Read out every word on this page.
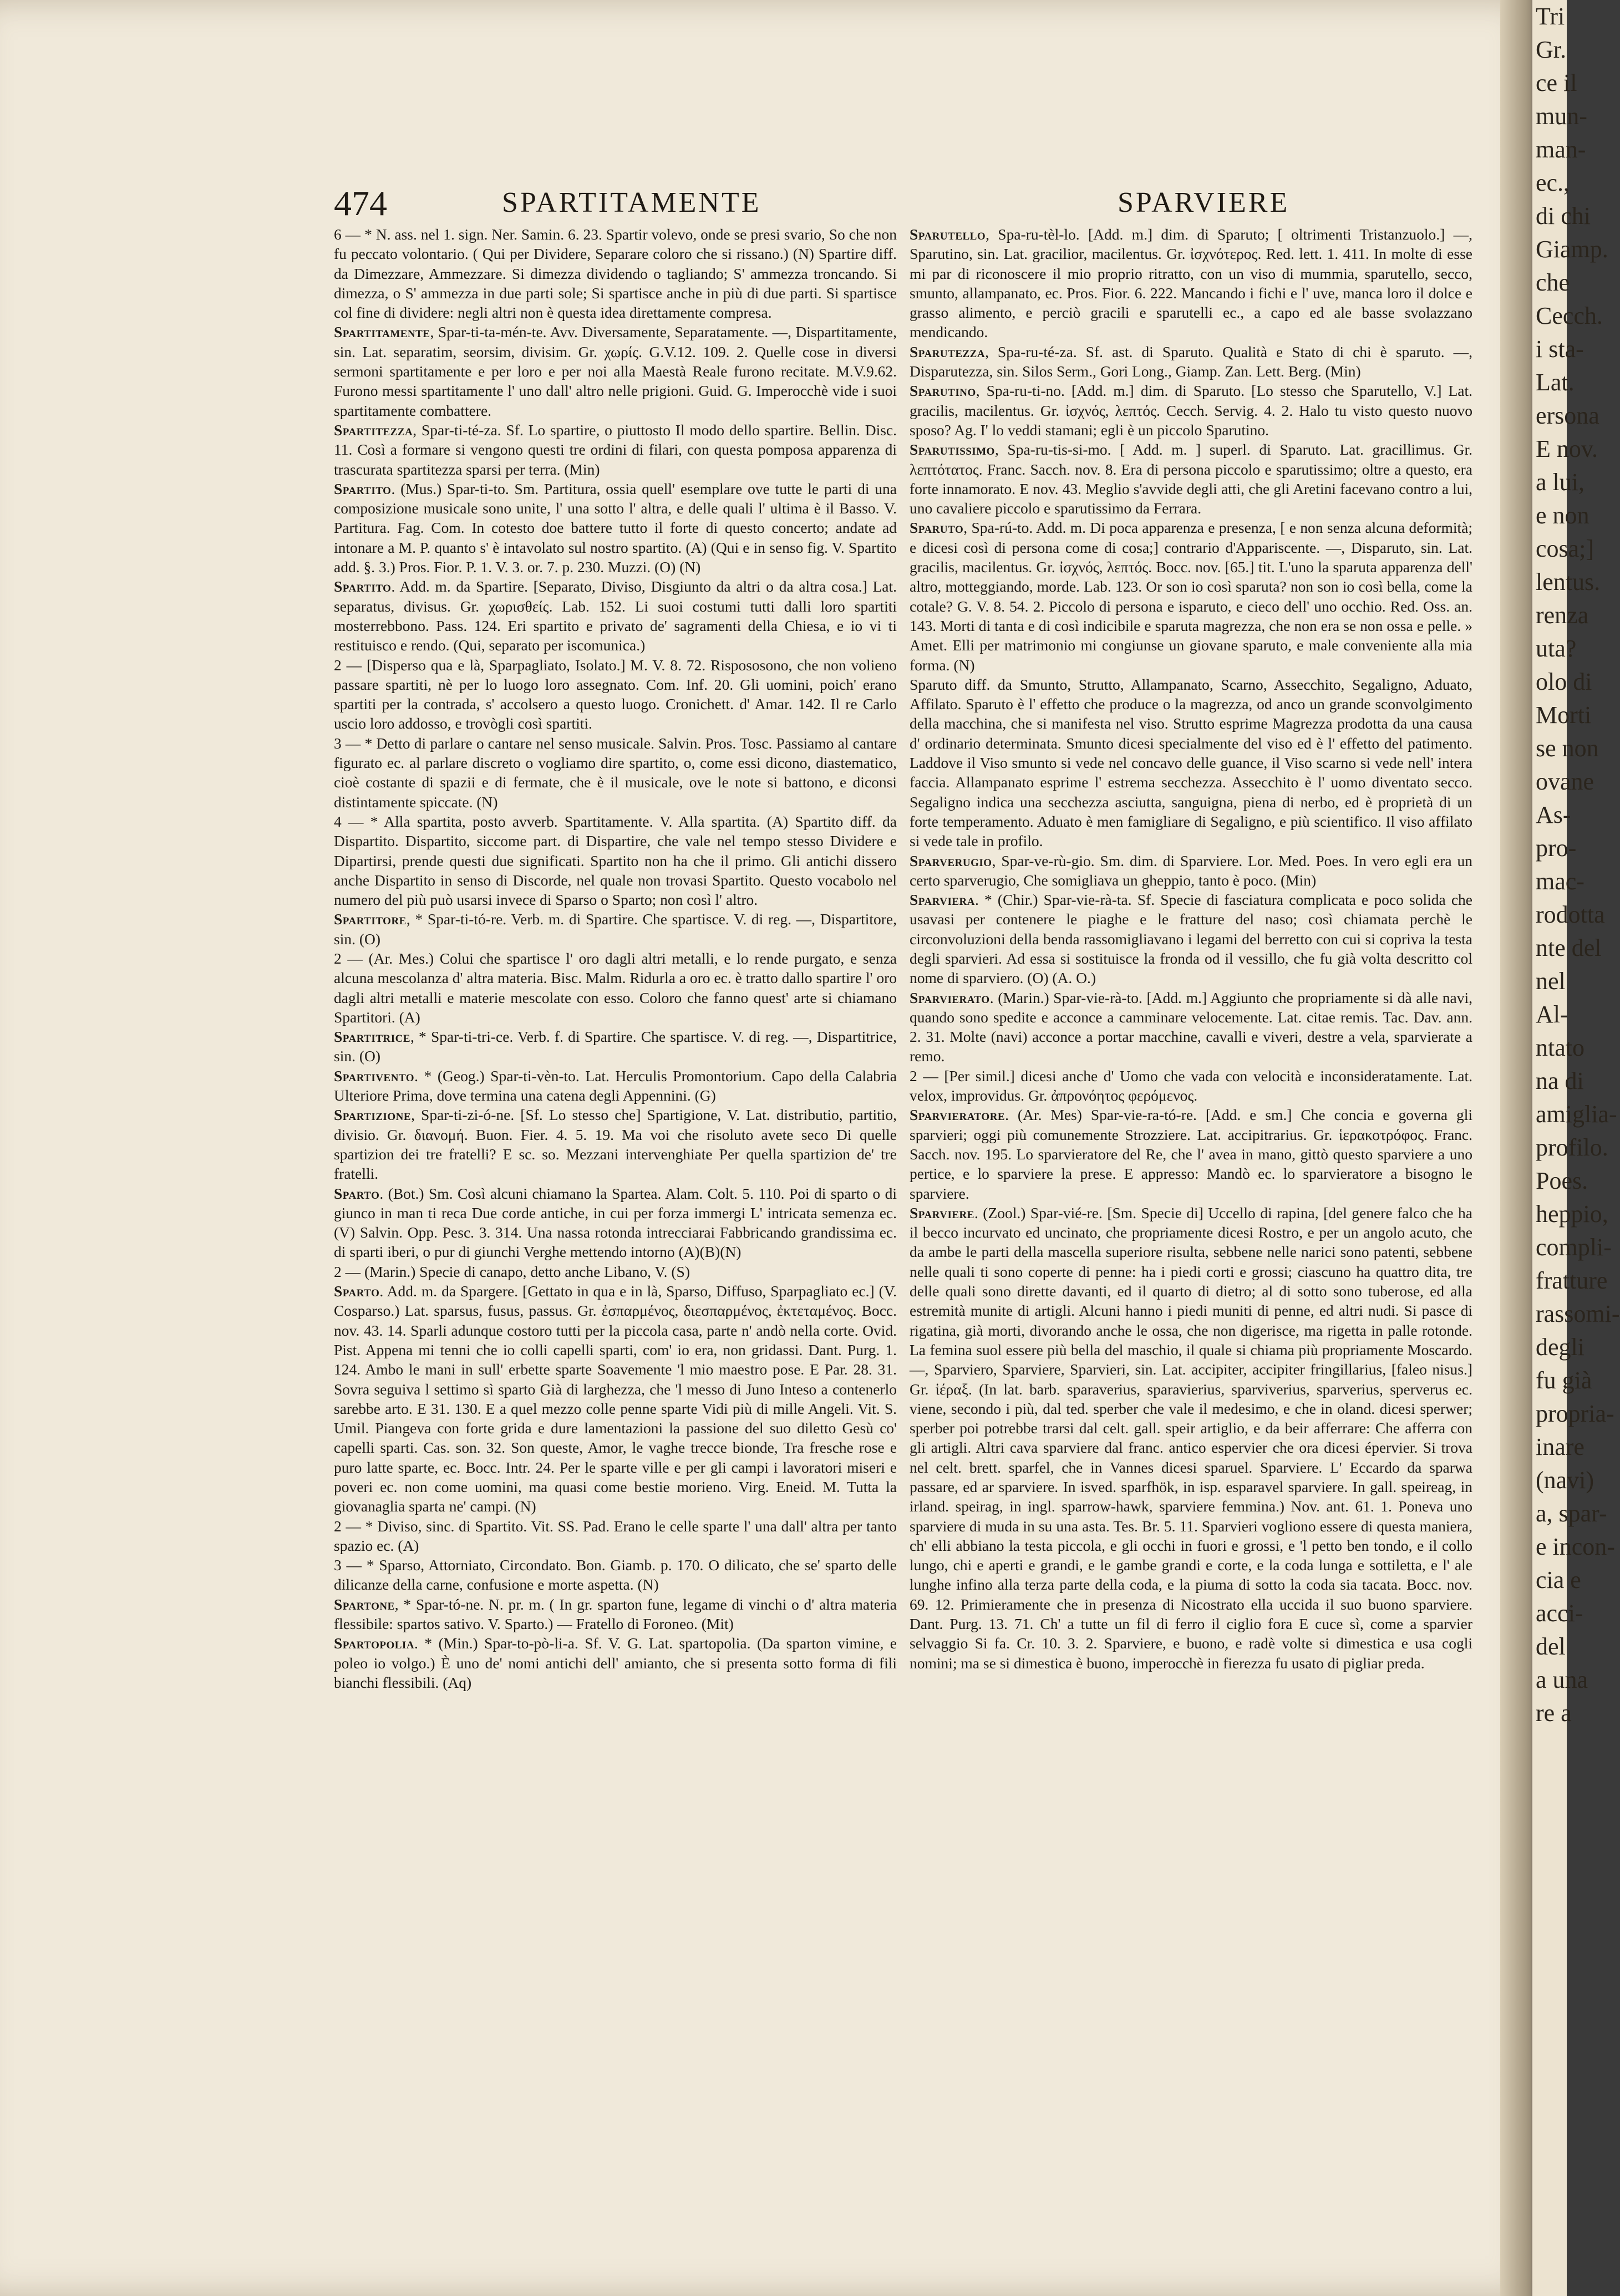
474	SPARTITAMENTE	SPARVIERE

6 — * N. ass. nel 1. sign. Ner. Samin. 6. 23. Spartir volevo, onde se presi svario, So che non fu peccato volontario. ( Qui per Dividere, Separare coloro che si rissano.) (N) Spartire diff. da Dimezzare, Ammezzare. Si dimezza dividendo o tagliando; S' ammezza troncando. Si dimezza, o S' ammezza in due parti sole; Si spartisce anche in più di due parti. Si spartisce col fine di dividere: negli altri non è questa idea direttamente compresa.

Spartitamente, Spar-ti-ta-mén-te. Avv. Diversamente, Separatamente. —, Dispartitamente, sin. Lat. separatim, seorsim, divisim. Gr. χωρίς. G.V.12. 109. 2. Quelle cose in diversi sermoni spartitamente e per loro e per noi alla Maestà Reale furono recitate. M.V.9.62. Furono messi spartitamente l' uno dall' altro nelle prigioni. Guid. G. Imperocchè vide i suoi spartitamente combattere.

Spartitezza, Spar-ti-té-za. Sf. Lo spartire, o piuttosto Il modo dello spartire. Bellin. Disc. 11. Così a formare si vengono questi tre ordini di filari, con questa pomposa apparenza di trascurata spartitezza sparsi per terra. (Min)

Spartito. (Mus.) Spar-ti-to. Sm. Partitura, ossia quell' esemplare ove tutte le parti di una composizione musicale sono unite, l' una sotto l' altra, e delle quali l' ultima è il Basso. V. Partitura. Fag. Com. In cotesto doe battere tutto il forte di questo concerto; andate ad intonare a M. P. quanto s' è intavolato sul nostro spartito. (A) (Qui e in senso fig. V. Spartito add. §. 3.) Pros. Fior. P. 1. V. 3. or. 7. p. 230. Muzzi. (O) (N)

Spartito. Add. m. da Spartire. [Separato, Diviso, Disgiunto da altri o da altra cosa.] Lat. separatus, divisus. Gr. χωρισθείς. Lab. 152. Li suoi costumi tutti dalli loro spartiti mosterrebbono. Pass. 124. Eri spartito e privato de' sagramenti della Chiesa, e io vi ti restituisco e rendo. (Qui, separato per iscomunica.)

2 — [Disperso qua e là, Sparpagliato, Isolato.] M. V. 8. 72. Rispososono, che non volieno passare spartiti, nè per lo luogo loro assegnato. Com. Inf. 20. Gli uomini, poich' erano spartiti per la contrada, s' accolsero a questo luogo. Cronichett. d' Amar. 142. Il re Carlo uscio loro addosso, e trovògli così spartiti.

3 — * Detto di parlare o cantare nel senso musicale. Salvin. Pros. Tosc. Passiamo al cantare figurato ec. al parlare discreto o vogliamo dire spartito, o, come essi dicono, diastematico, cioè costante di spazii e di fermate, che è il musicale, ove le note si battono, e diconsi distintamente spiccate. (N)

4 — * Alla spartita, posto avverb. Spartitamente. V. Alla spartita. (A) Spartito diff. da Dispartito. Dispartito, siccome part. di Dispartire, che vale nel tempo stesso Dividere e Dipartirsi, prende questi due significati. Spartito non ha che il primo. Gli antichi dissero anche Dispartito in senso di Discorde, nel quale non trovasi Spartito. Questo vocabolo nel numero del più può usarsi invece di Sparso o Sparto; non così l' altro.

Spartitore, * Spar-ti-tó-re. Verb. m. di Spartire. Che spartisce. V. di reg. —, Dispartitore, sin. (O)

2 — (Ar. Mes.) Colui che spartisce l' oro dagli altri metalli, e lo rende purgato, e senza alcuna mescolanza d' altra materia. Bisc. Malm. Ridurla a oro ec. è tratto dallo spartire l' oro dagli altri metalli e materie mescolate con esso. Coloro che fanno quest' arte si chiamano Spartitori. (A)

Spartitrice, * Spar-ti-tri-ce. Verb. f. di Spartire. Che spartisce. V. di reg. —, Dispartitrice, sin. (O)

Spartivento. * (Geog.) Spar-ti-vèn-to. Lat. Herculis Promontorium. Capo della Calabria Ulteriore Prima, dove termina una catena degli Appennini. (G)

Spartizione, Spar-ti-zi-ó-ne. [Sf. Lo stesso che] Spartigione, V. Lat. distributio, partitio, divisio. Gr. διανομή. Buon. Fier. 4. 5. 19. Ma voi che risoluto avete seco Di quelle spartizion dei tre fratelli? E sc. so. Mezzani intervenghiate Per quella spartizion de' tre fratelli.

Sparto. (Bot.) Sm. Così alcuni chiamano la Spartea. Alam. Colt. 5. 110. Poi di sparto o di giunco in man ti reca Due corde antiche, in cui per forza immergi L' intricata semenza ec. (V) Salvin. Opp. Pesc. 3. 314. Una nassa rotonda intrecciarai Fabbricando grandissima ec. di sparti iberi, o pur di giunchi Verghe mettendo intorno (A)(B)(N)

2 — (Marin.) Specie di canapo, detto anche Libano, V. (S)

Sparto. Add. m. da Spargere. [Gettato in qua e in là, Sparso, Diffuso, Sparpagliato ec.] (V. Cosparso.) Lat. sparsus, fusus, passus. Gr. ἐσπαρμένος, διεσπαρμένος, ἐκτεταμένος. Bocc. nov. 43. 14. Sparli adunque costoro tutti per la piccola casa, parte n' andò nella corte. Ovid. Pist. Appena mi tenni che io colli capelli sparti, com' io era, non gridassi. Dant. Purg. 1. 124. Ambo le mani in sull' erbette sparte Soavemente 'l mio maestro pose. E Par. 28. 31. Sovra seguiva l settimo sì sparto Già di larghezza, che 'l messo di Juno Inteso a contenerlo sarebbe arto. E 31. 130. E a quel mezzo colle penne sparte Vidi più di mille Angeli. Vit. S. Umil. Piangeva con forte grida e dure lamentazioni la passione del suo diletto Gesù co' capelli sparti. Cas. son. 32. Son queste, Amor, le vaghe trecce bionde, Tra fresche rose e puro latte sparte, ec. Bocc. Intr. 24. Per le sparte ville e per gli campi i lavoratori miseri e poveri ec. non come uomini, ma quasi come bestie morieno. Virg. Eneid. M. Tutta la giovanaglia sparta ne' campi. (N)

2 — * Diviso, sinc. di Spartito. Vit. SS. Pad. Erano le celle sparte l' una dall' altra per tanto spazio ec. (A)

3 — * Sparso, Attorniato, Circondato. Bon. Giamb. p. 170. O dilicato, che se' sparto delle dilicanze della carne, confusione e morte aspetta. (N)

Spartone, * Spar-tó-ne. N. pr. m. ( In gr. sparton fune, legame di vinchi o d' altra materia flessibile: spartos sativo. V. Sparto.) — Fratello di Foroneo. (Mit)

Spartopolia. * (Min.) Spar-to-pò-li-a. Sf. V. G. Lat. spartopolia. (Da sparton vimine, e poleo io volgo.) È uno de' nomi antichi dell' amianto, che si presenta sotto forma di fili bianchi flessibili. (Aq)

Sparutello, Spa-ru-tèl-lo. [Add. m.] dim. di Sparuto; [ oltrimenti Tristanzuolo.] —, Sparutino, sin. Lat. gracilior, macilentus. Gr. ἰσχνότερος. Red. lett. 1. 411. In molte di esse mi par di riconoscere il mio proprio ritratto, con un viso di mummia, sparutello, secco, smunto, allampanato, ec. Pros. Fior. 6. 222. Mancando i fichi e l' uve, manca loro il dolce e grasso alimento, e perciò gracili e sparutelli ec., a capo ed ale basse svolazzano mendicando.

Sparutezza, Spa-ru-té-za. Sf. ast. di Sparuto. Qualità e Stato di chi è sparuto. —, Disparutezza, sin. Silos Serm., Gori Long., Giamp. Zan. Lett. Berg. (Min)

Sparutino, Spa-ru-ti-no. [Add. m.] dim. di Sparuto. [Lo stesso che Sparutello, V.] Lat. gracilis, macilentus. Gr. ἰσχνός, λεπτός. Cecch. Servig. 4. 2. Halo tu visto questo nuovo sposo? Ag. I' lo veddi stamani; egli è un piccolo Sparutino.

Sparutissimo, Spa-ru-tis-si-mo. [ Add. m. ] superl. di Sparuto. Lat. gracillimus. Gr. λεπτότατος. Franc. Sacch. nov. 8. Era di persona piccolo e sparutissimo; oltre a questo, era forte innamorato. E nov. 43. Meglio s'avvide degli atti, che gli Aretini facevano contro a lui, uno cavaliere piccolo e sparutissimo da Ferrara.

Sparuto, Spa-rú-to. Add. m. Di poca apparenza e presenza, [ e non senza alcuna deformità; e dicesi così di persona come di cosa;] contrario d'Appariscente. —, Disparuto, sin. Lat. gracilis, macilentus. Gr. ἰσχνός, λεπτός. Bocc. nov. [65.] tit. L'uno la sparuta apparenza dell' altro, motteggiando, morde. Lab. 123. Or son io così sparuta? non son io così bella, come la cotale? G. V. 8. 54. 2. Piccolo di persona e isparuto, e cieco dell' uno occhio. Red. Oss. an. 143. Morti di tanta e di così indicibile e sparuta magrezza, che non era se non ossa e pelle. » Amet. Elli per matrimonio mi congiunse un giovane sparuto, e male conveniente alla mia forma. (N)

Sparuto diff. da Smunto, Strutto, Allampanato, Scarno, Assecchito, Segaligno, Aduato, Affilato. Sparuto è l' effetto che produce o la magrezza, od anco un grande sconvolgimento della macchina, che si manifesta nel viso. Strutto esprime Magrezza prodotta da una causa d' ordinario determinata. Smunto dicesi specialmente del viso ed è l' effetto del patimento. Laddove il Viso smunto si vede nel concavo delle guance, il Viso scarno si vede nell' intera faccia. Allampanato esprime l' estrema secchezza. Assecchito è l' uomo diventato secco. Segaligno indica una secchezza asciutta, sanguigna, piena di nerbo, ed è proprietà di un forte temperamento. Aduato è men famigliare di Segaligno, e più scientifico. Il viso affilato si vede tale in profilo.

Sparverugio, Spar-ve-rù-gio. Sm. dim. di Sparviere. Lor. Med. Poes. In vero egli era un certo sparverugio, Che somigliava un gheppio, tanto è poco. (Min)

Sparviera. * (Chir.) Spar-vie-rà-ta. Sf. Specie di fasciatura complicata e poco solida che usavasi per contenere le piaghe e le fratture del naso; così chiamata perchè le circonvoluzioni della benda rassomigliavano i legami del berretto con cui si copriva la testa degli sparvieri. Ad essa si sostituisce la fronda od il vessillo, che fu già volta descritto col nome di sparviero. (O) (A. O.)

Sparvierato. (Marin.) Spar-vie-rà-to. [Add. m.] Aggiunto che propriamente si dà alle navi, quando sono spedite e acconce a camminare velocemente. Lat. citae remis. Tac. Dav. ann. 2. 31. Molte (navi) acconce a portar macchine, cavalli e viveri, destre a vela, sparvierate a remo.

2 — [Per simil.] dicesi anche d' Uomo che vada con velocità e inconsideratamente. Lat. velox, improvidus. Gr. ἀπρονόητος φερόμενος.

Sparvieratore. (Ar. Mes) Spar-vie-ra-tó-re. [Add. e sm.] Che concia e governa gli sparvieri; oggi più comunemente Strozziere. Lat. accipitrarius. Gr. ἱερακοτρόφος. Franc. Sacch. nov. 195. Lo sparvieratore del Re, che l' avea in mano, gittò questo sparviere a uno pertice, e lo sparviere la prese. E appresso: Mandò ec. lo sparvieratore a bisogno le sparviere.

Sparviere. (Zool.) Spar-vié-re. [Sm. Specie di] Uccello di rapina, [del genere falco che ha il becco incurvato ed uncinato, che propriamente dicesi Rostro, e per un angolo acuto, che da ambe le parti della mascella superiore risulta, sebbene nelle narici sono patenti, sebbene nelle quali ti sono coperte di penne: ha i piedi corti e grossi; ciascuno ha quattro dita, tre delle quali sono dirette davanti, ed il quarto di dietro; al di sotto sono tuberose, ed alla estremità munite di artigli. Alcuni hanno i piedi muniti di penne, ed altri nudi. Si pasce di rigatina, già morti, divorando anche le ossa, che non digerisce, ma rigetta in palle rotonde. La femina suol essere più bella del maschio, il quale si chiama più propriamente Moscardo. —, Sparviero, Sparviere, Sparvieri, sin. Lat. accipiter, accipiter fringillarius, [faleo nisus.] Gr. ἱέραξ. (In lat. barb. sparaverius, sparavierius, sparviverius, sparverius, sperverus ec. viene, secondo i più, dal ted. sperber che vale il medesimo, e che in oland. dicesi sperwer; sperber poi potrebbe trarsi dal celt. gall. speir artiglio, e da beir afferrare: Che afferra con gli artigli. Altri cava sparviere dal franc. antico espervier che ora dicesi épervier. Si trova nel celt. brett. sparfel, che in Vannes dicesi sparuel. Sparviere. L' Eccardo da sparwa passare, ed ar sparviere. In isved. sparfhök, in isp. esparavel sparviere. In gall. speireag, in irland. speirag, in ingl. sparrow-hawk, sparviere femmina.) Nov. ant. 61. 1. Poneva uno sparviere di muda in su una asta. Tes. Br. 5. 11. Sparvieri vogliono essere di questa maniera, ch' elli abbiano la testa piccola, e gli occhi in fuori e grossi, e 'l petto ben tondo, e il collo lungo, chi e aperti e grandi, e le gambe grandi e corte, e la coda lunga e sottiletta, e l' ale lunghe infino alla terza parte della coda, e la piuma di sotto la coda sia tacata. Bocc. nov. 69. 12. Primieramente che in presenza di Nicostrato ella uccida il suo buono sparviere. Dant. Purg. 13. 71. Ch' a tutte un fil di ferro il ciglio fora E cuce sì, come a sparvier selvaggio Si fa. Cr. 10. 3. 2. Sparviere, e buono, e radè volte si dimestica e usa cogli nomini; ma se si dimestica è buono, imperocchè in fierezza fu usato di pigliar preda.

Tri
Gr.
ce il
mun-
man-
ec.,
di chi
Giamp.
che
Cecch.
i sta-
Lat.
ersona
E nov.
a lui,
e non
cosa;]
lentus.
renza
uta?
olo di
Morti
se non
ovane
As-
pro-
mac-
rodotta
nte del
nel
Al-
ntato
na di
amiglia-
profilo.
Poes.
heppio,
compli-
fratture
rassomi-
degli
fu già
propria-
inare
(navi)
a, spar-
e incon-
cia e
acci-
del
a una
re a
